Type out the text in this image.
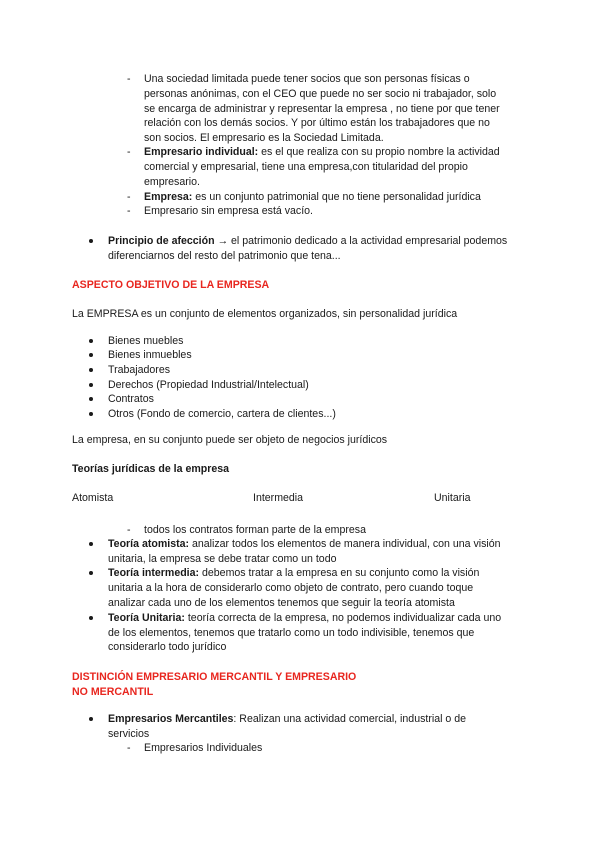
- Una sociedad limitada puede tener socios que son personas físicas o
personas anónimas, con el CEO que puede no ser socio ni trabajador, solo
se encarga de administrar y representar la empresa , no tiene por que tener
relación con los demás socios. Y por último están los trabajadores que no
son socios. El empresario es la Sociedad Limitada.
- Empresario individual: es el que realiza con su propio nombre la actividad
comercial y empresarial, tiene una empresa,con titularidad del propio
empresario.
- Empresa: es un conjunto patrimonial que no tiene personalidad jurídica
- Empresario sin empresa está vacío.
Principio de afección → el patrimonio dedicado a la actividad empresarial podemos
diferenciarnos del resto del patrimonio que tena...
ASPECTO OBJETIVO DE LA EMPRESA
La EMPRESA es un conjunto de elementos organizados, sin personalidad jurídica
Bienes muebles
Bienes inmuebles
Trabajadores
Derechos (Propiedad Industrial/Intelectual)
Contratos
Otros (Fondo de comercio, cartera de clientes...)
La empresa, en su conjunto puede ser objeto de negocios jurídicos
Teorías jurídicas de la empresa
Atomista	Intermedia	Unitaria
- todos los contratos forman parte de la empresa
Teoría atomista: analizar todos los elementos de manera individual, con una visión
unitaria, la empresa se debe tratar como un todo
Teoría intermedia: debemos tratar a la empresa en su conjunto como la visión
unitaria a la hora de considerarlo como objeto de contrato, pero cuando toque
analizar cada uno de los elementos tenemos que seguir la teoría atomista
Teoría Unitaria: teoría correcta de la empresa, no podemos individualizar cada uno
de los elementos, tenemos que tratarlo como un todo indivisible, tenemos que
considerarlo todo jurídico
DISTINCIÓN EMPRESARIO MERCANTIL Y EMPRESARIO
NO MERCANTIL
Empresarios Mercantiles: Realizan una actividad comercial, industrial o de
servicios
- Empresarios Individuales
